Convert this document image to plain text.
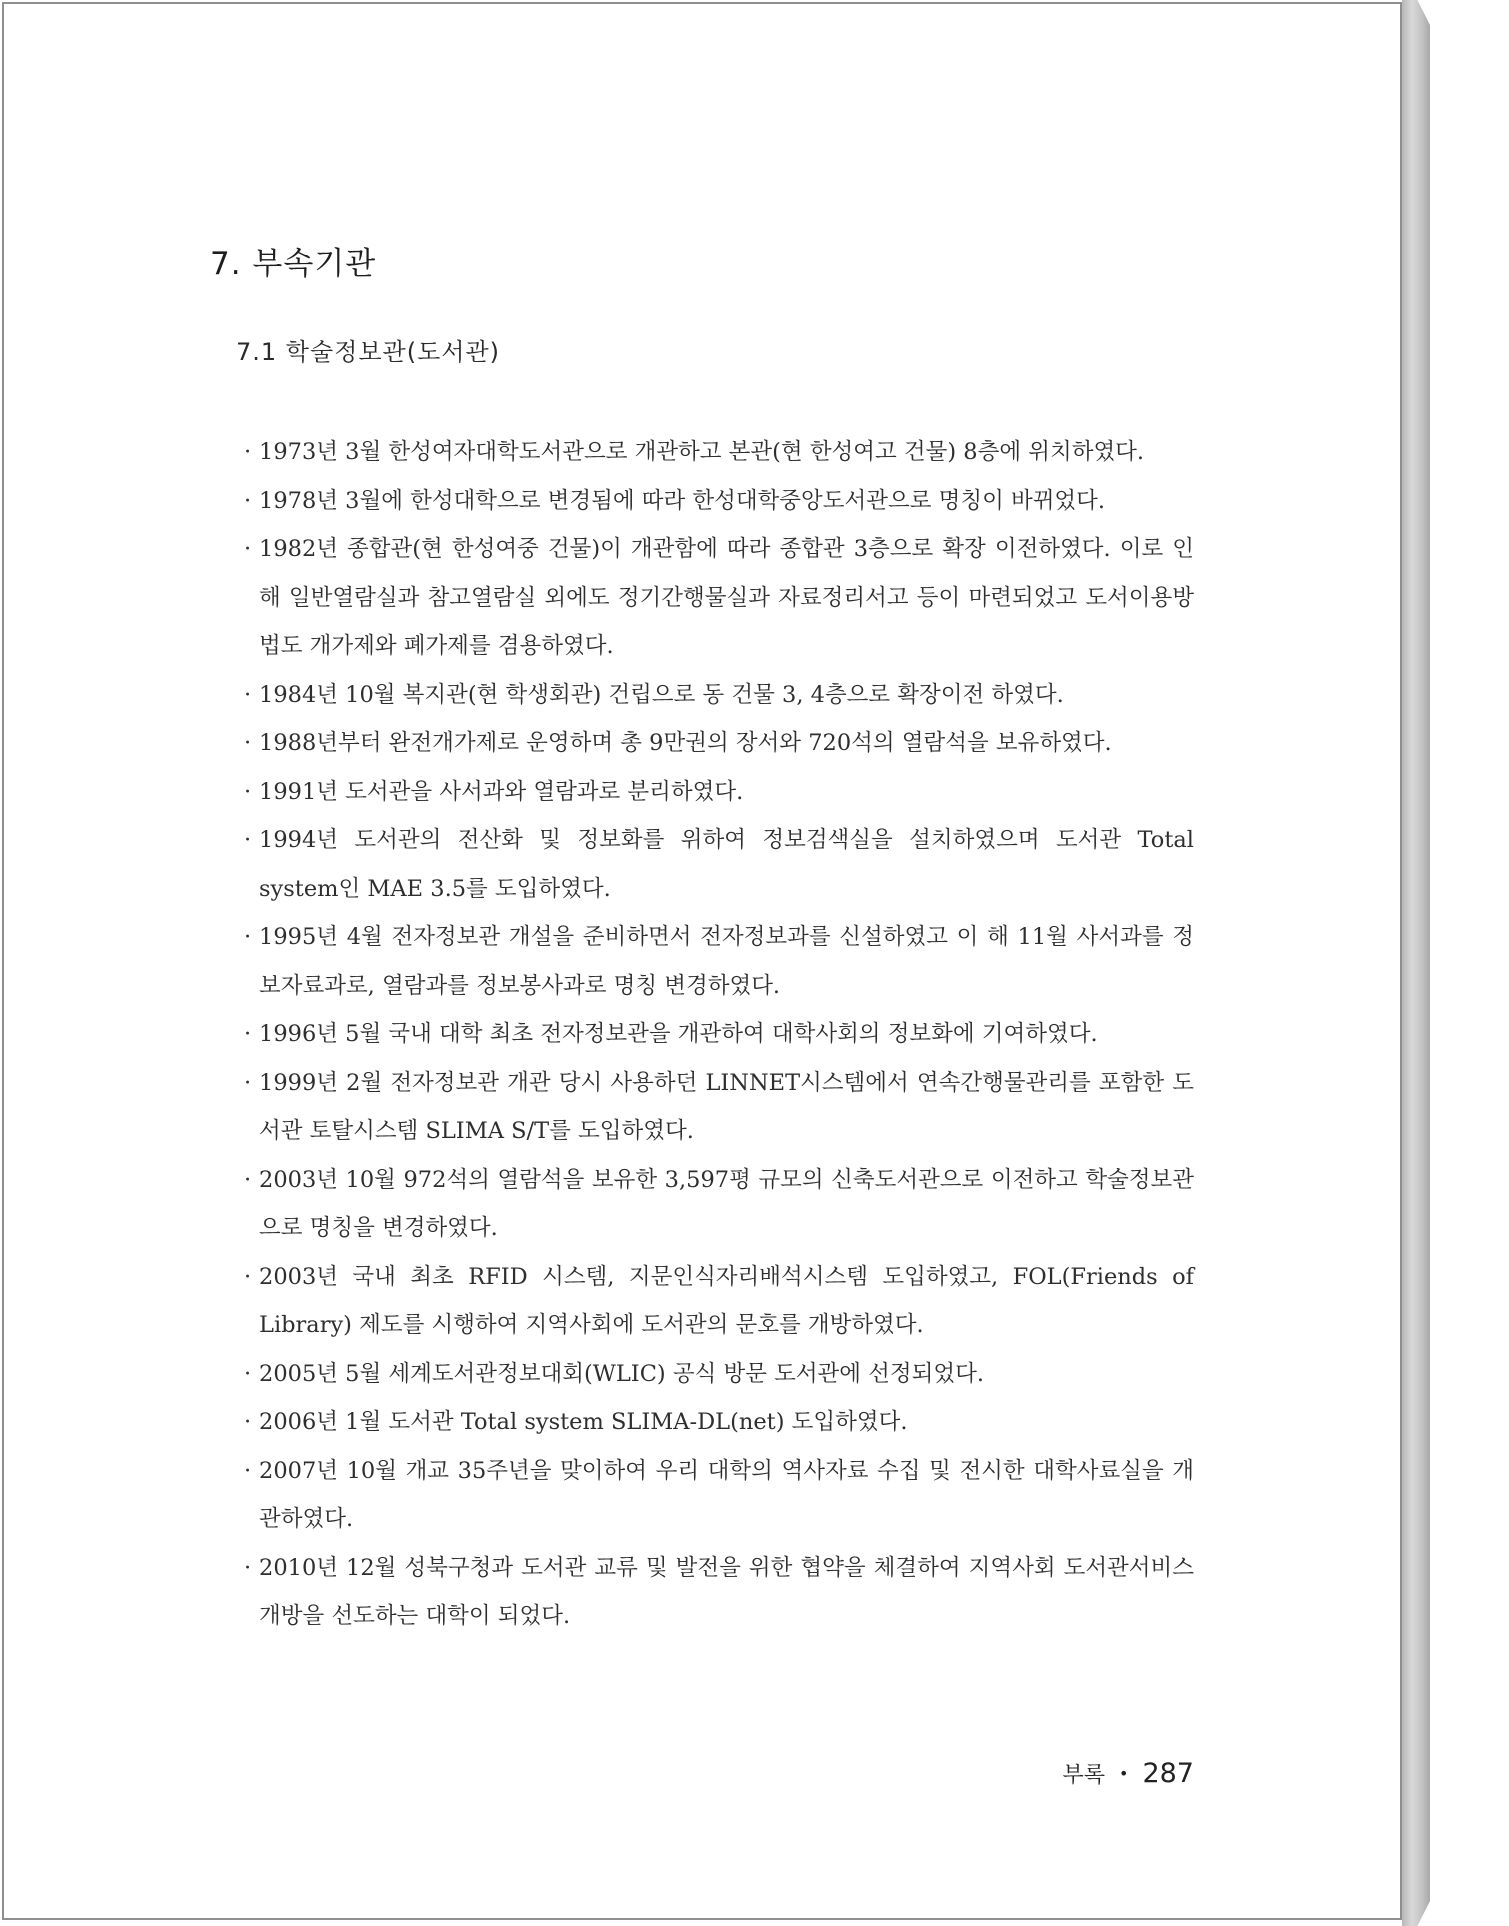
7. 부속기관
7.1 학술정보관(도서관)
· 1973년 3월 한성여자대학도서관으로 개관하고 본관(현 한성여고 건물) 8층에 위치하였다.
· 1978년 3월에 한성대학으로 변경됨에 따라 한성대학중앙도서관으로 명칭이 바뀌었다.
· 1982년 종합관(현 한성여중 건물)이 개관함에 따라 종합관 3층으로 확장 이전하였다. 이로 인해 일반열람실과 참고열람실 외에도 정기간행물실과 자료정리서고 등이 마련되었고 도서이용방법도 개가제와 폐가제를 겸용하였다.
· 1984년 10월 복지관(현 학생회관) 건립으로 동 건물 3, 4층으로 확장이전 하였다.
· 1988년부터 완전개가제로 운영하며 총 9만권의 장서와 720석의 열람석을 보유하였다.
· 1991년 도서관을 사서과와 열람과로 분리하였다.
· 1994년 도서관의 전산화 및 정보화를 위하여 정보검색실을 설치하였으며 도서관 Total system인 MAE 3.5를 도입하였다.
· 1995년 4월 전자정보관 개설을 준비하면서 전자정보과를 신설하였고 이 해 11월 사서과를 정보자료과로, 열람과를 정보봉사과로 명칭 변경하였다.
· 1996년 5월 국내 대학 최초 전자정보관을 개관하여 대학사회의 정보화에 기여하였다.
· 1999년 2월 전자정보관 개관 당시 사용하던 LINNET시스템에서 연속간행물관리를 포함한 도서관 토탈시스템 SLIMA S/T를 도입하였다.
· 2003년 10월 972석의 열람석을 보유한 3,597평 규모의 신축도서관으로 이전하고 학술정보관으로 명칭을 변경하였다.
· 2003년 국내 최초 RFID 시스템, 지문인식자리배석시스템 도입하였고, FOL(Friends of Library) 제도를 시행하여 지역사회에 도서관의 문호를 개방하였다.
· 2005년 5월 세계도서관정보대회(WLIC) 공식 방문 도서관에 선정되었다.
· 2006년 1월 도서관 Total system SLIMA-DL(net) 도입하였다.
· 2007년 10월 개교 35주년을 맞이하여 우리 대학의 역사자료 수집 및 전시한 대학사료실을 개관하였다.
· 2010년 12월 성북구청과 도서관 교류 및 발전을 위한 협약을 체결하여 지역사회 도서관서비스 개방을 선도하는 대학이 되었다.
부록 • 287
